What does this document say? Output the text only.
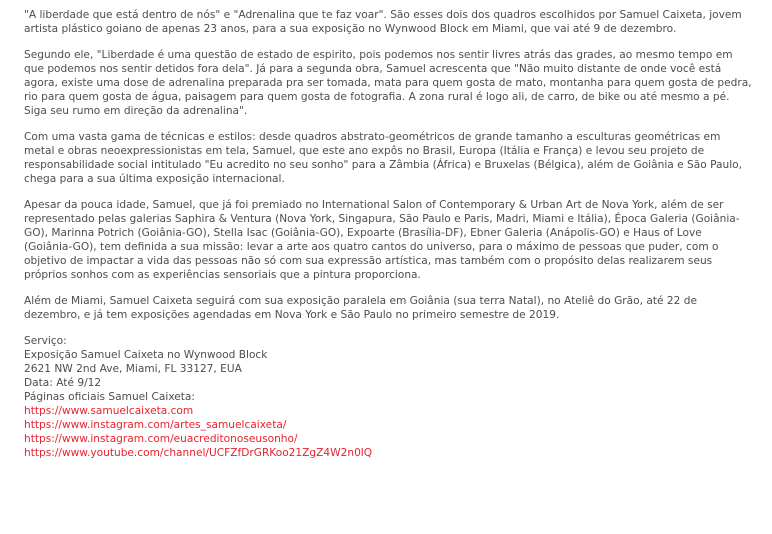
"A liberdade que está dentro de nós" e "Adrenalina que te faz voar". São esses dois dos quadros escolhidos por Samuel Caixeta, jovem artista plástico goiano de apenas 23 anos, para a sua exposição no Wynwood Block em Miami, que vai até 9 de dezembro.

Segundo ele, "Liberdade é uma questão de estado de espirito, pois podemos nos sentir livres atrás das grades, ao mesmo tempo em que podemos nos sentir detidos fora dela". Já para a segunda obra, Samuel acrescenta que "Não muito distante de onde você está agora, existe uma dose de adrenalina preparada pra ser tomada, mata para quem gosta de mato, montanha para quem gosta de pedra, rio para quem gosta de água, paisagem para quem gosta de fotografia. A zona rural é logo ali, de carro, de bike ou até mesmo a pé. Siga seu rumo em direção da adrenalina".

Com uma vasta gama de técnicas e estilos: desde quadros abstrato-geométricos de grande tamanho a esculturas geométricas em metal e obras neoexpressionistas em tela, Samuel, que este ano expôs no Brasil, Europa (Itália e França) e levou seu projeto de responsabilidade social intitulado "Eu acredito no seu sonho" para a Zâmbia (África) e Bruxelas (Bélgica), além de Goiânia e São Paulo, chega para a sua última exposição internacional.

Apesar da pouca idade, Samuel, que já foi premiado no International Salon of Contemporary & Urban Art de Nova York, além de ser representado pelas galerias Saphira & Ventura (Nova York, Singapura, São Paulo e Paris, Madri, Miami e Itália), Época Galeria (Goiânia-GO), Marinna Potrich (Goiânia-GO), Stella Isac (Goiânia-GO), Expoarte (Brasília-DF), Ebner Galeria (Anápolis-GO) e Haus of Love (Goiânia-GO), tem definida a sua missão: levar a arte aos quatro cantos do universo, para o máximo de pessoas que puder, com o objetivo de impactar a vida das pessoas não só com sua expressão artística, mas também com o propósito delas realizarem seus próprios sonhos com as experiências sensoriais que a pintura proporciona.

Além de Miami, Samuel Caixeta seguirá com sua exposição paralela em Goiânia (sua terra Natal), no Ateliê do Grão, até 22 de dezembro, e já tem exposições agendadas em Nova York e São Paulo no primeiro semestre de 2019.

Serviço:
Exposição Samuel Caixeta no Wynwood Block
2621 NW 2nd Ave, Miami, FL 33127, EUA
Data: Até 9/12
Páginas oficiais Samuel Caixeta:
https://www.samuelcaixeta.com
https://www.instagram.com/artes_samuelcaixeta/
https://www.instagram.com/euacreditonoseusonho/
https://www.youtube.com/channel/UCFZfDrGRKoo21ZgZ4W2n0lQ
